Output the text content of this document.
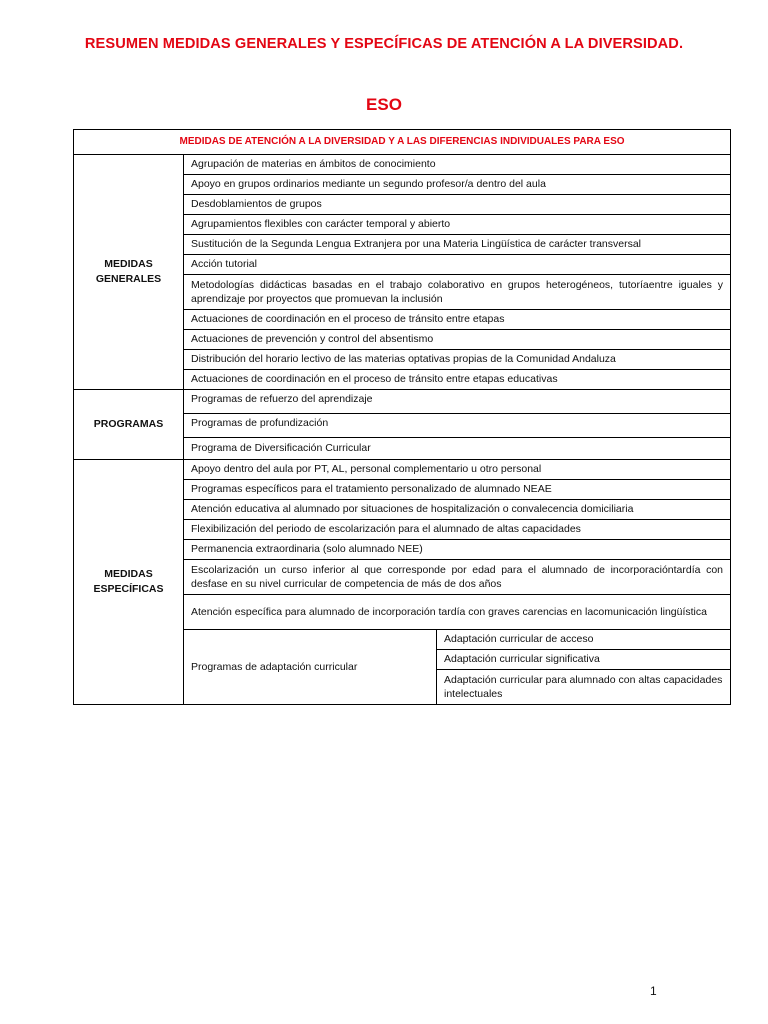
RESUMEN MEDIDAS GENERALES Y ESPECÍFICAS DE ATENCIÓN A LA DIVERSIDAD.
ESO
MEDIDAS DE ATENCIÓN A LA DIVERSIDAD Y A LAS DIFERENCIAS INDIVIDUALES PARA ESO		
MEDIDAS
GENERALES	Agrupación de materias en ámbitos de conocimiento	
	Apoyo en grupos ordinarios mediante un segundo profesor/a dentro del aula	
	Desdoblamientos de grupos	
	Agrupamientos flexibles con carácter temporal y abierto	
	Sustitución de la Segunda Lengua Extranjera por una Materia Lingüística de carácter transversal	
	Acción tutorial	
	Metodologías didácticas basadas en el trabajo colaborativo en grupos heterogéneos, tutoríaentre iguales y aprendizaje por proyectos que promuevan la inclusión	
	Actuaciones de coordinación en el proceso de tránsito entre etapas	
	Actuaciones de prevención y control del absentismo	
	Distribución del horario lectivo de las materias optativas propias de la Comunidad Andaluza	
	Actuaciones de coordinación en el proceso de tránsito entre etapas educativas	
PROGRAMAS	Programas de refuerzo del aprendizaje	
	Programas de profundización	
	Programa de Diversificación Curricular	
MEDIDAS
ESPECÍFICAS	Apoyo dentro del aula por PT, AL, personal complementario u otro personal	
	Programas específicos para el tratamiento personalizado de alumnado NEAE	
	Atención educativa al alumnado por situaciones de hospitalización o convalecencia domiciliaria	
	Flexibilización del periodo de escolarización para el alumnado de altas capacidades	
	Permanencia extraordinaria (solo alumnado NEE)	
	Escolarización un curso inferior al que corresponde por edad para el alumnado de incorporacióntardía con desfase en su nivel curricular de competencia de más de dos años	
	Atención específica para alumnado de incorporación tardía con graves carencias en lacomunicación lingüística	
	Programas de adaptación curricular	Adaptación curricular de acceso
		Adaptación curricular significativa
		Adaptación curricular para alumnado con altas capacidades intelectuales
1
